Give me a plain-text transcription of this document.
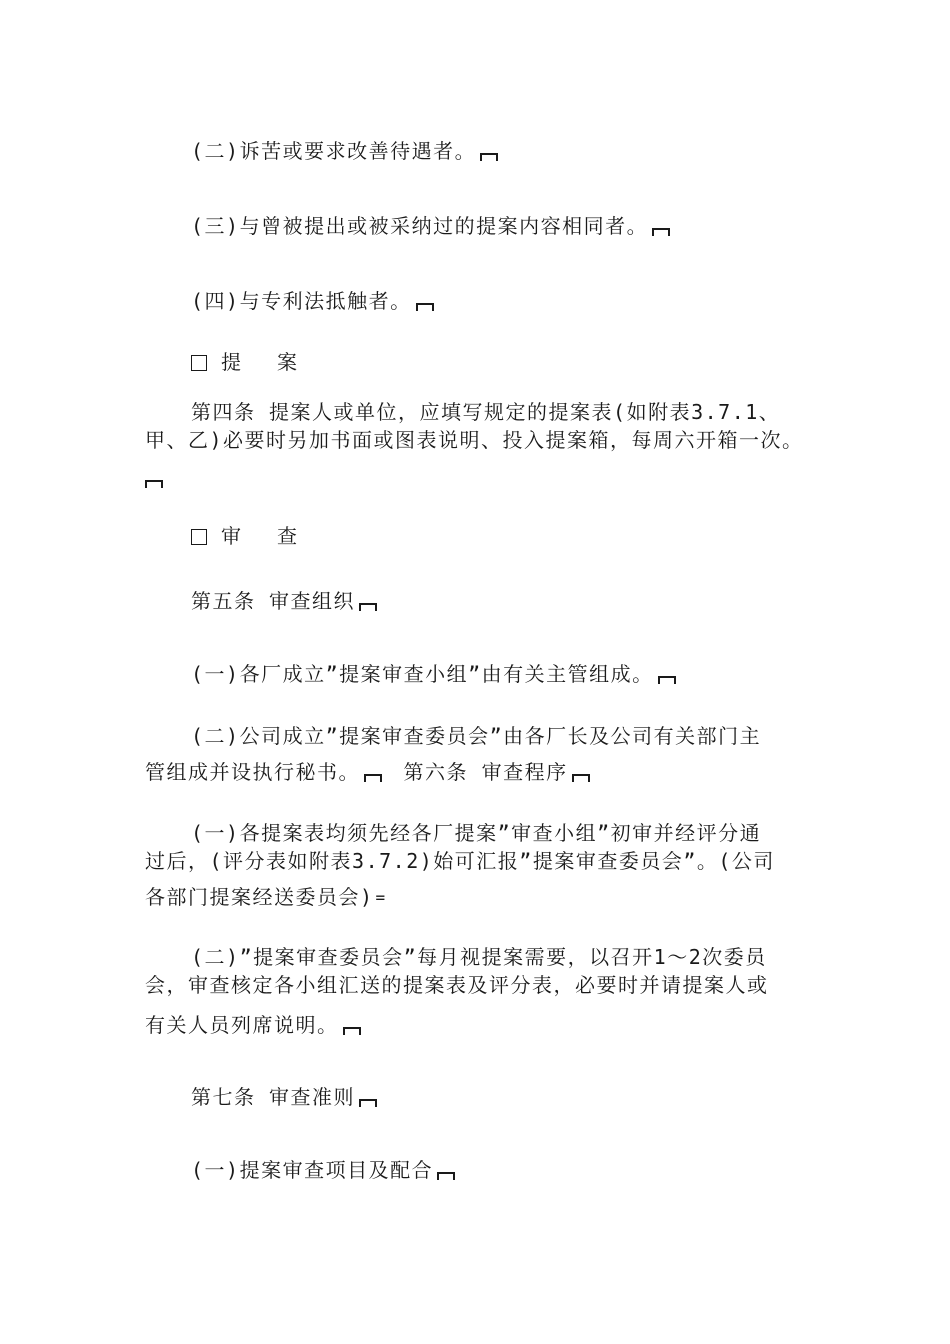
(二)诉苦或要求改善待遇者。
(三)与曾被提出或被采纳过的提案内容相同者。
(四)与专利法抵触者。
提 案
第四条 提案人或单位，应填写规定的提案表(如附表3.7.1、
甲、乙)必要时另加书面或图表说明、投入提案箱，每周六开箱一次。
审 查
第五条 审查组织
(一)各厂成立”提案审查小组”由有关主管组成。
(二)公司成立”提案审查委员会”由各厂长及公司有关部门主
管组成并设执行秘书。 第六条 审查程序
(一)各提案表均须先经各厂提案”审查小组”初审并经评分通
过后，(评分表如附表3.7.2)始可汇报”提案审查委员会”。(公司
各部门提案经送委员会) =
(二)”提案审查委员会”每月视提案需要，以召开1～2次委员
会，审查核定各小组汇送的提案表及评分表，必要时并请提案人或
有关人员列席说明。
第七条 审查准则
(一)提案审查项目及配合
